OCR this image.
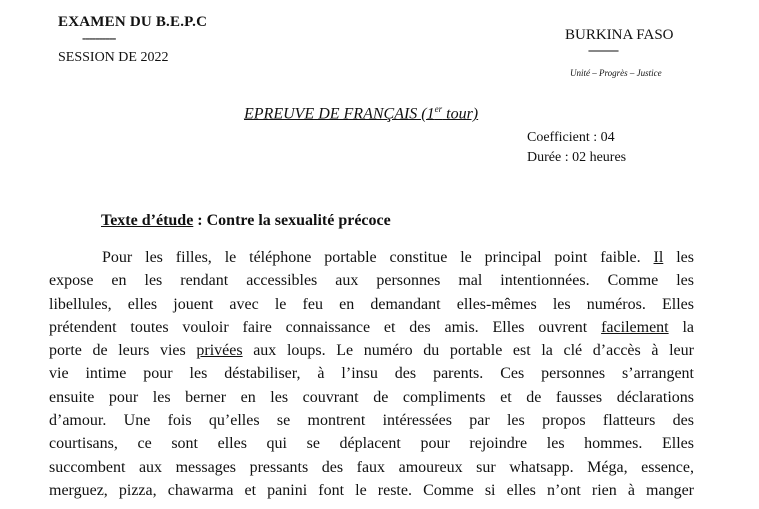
EXAMEN DU B.E.P.C
----------
SESSION DE 2022
BURKINA FASO
----------
Unité – Progrès – Justice
EPREUVE DE FRANÇAIS (1er tour)
Coefficient : 04
Durée : 02 heures
Texte d’étude : Contre la sexualité précoce
Pour les filles, le téléphone portable constitue le principal point faible. Il les
expose en les rendant accessibles aux personnes mal intentionnées. Comme les
libellules, elles jouent avec le feu en demandant elles-mêmes les numéros. Elles
prétendent toutes vouloir faire connaissance et des amis. Elles ouvrent facilement la
porte de leurs vies privées aux loups. Le numéro du portable est la clé d’accès à leur
vie intime pour les déstabiliser, à l’insu des parents. Ces personnes s’arrangent
ensuite pour les berner en les couvrant de compliments et de fausses déclarations
d’amour. Une fois qu’elles se montrent intéressées par les propos flatteurs des
courtisans, ce sont elles qui se déplacent pour rejoindre les hommes. Elles
succombent aux messages pressants des faux amoureux sur whatsapp. Méga, essence,
merguez, pizza, chawarma et panini font le reste. Comme si elles n’ont rien à manger
